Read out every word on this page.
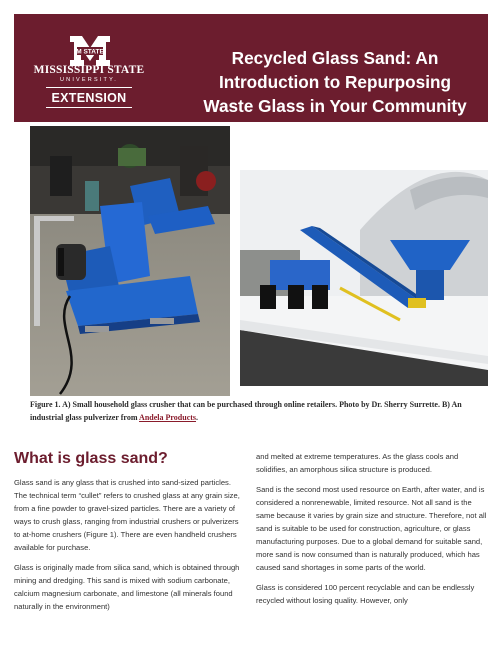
M STATE
MISSISSIPPI STATE
UNIVERSITY.
EXTENSION
Recycled Glass Sand: An
Introduction to Repurposing
Waste Glass in Your Community
Figure 1. A) Small household glass crusher that can be purchased through online retailers. Photo by Dr. Sherry Surrette. B) An industrial glass pulverizer from Andela Products.
What is glass sand?

Glass sand is any glass that is crushed into sand-sized particles. The technical term “cullet” refers to crushed glass at any grain size, from a fine powder to gravel-sized particles. There are a variety of ways to crush glass, ranging from industrial crushers or pulverizers to at-home crushers (Figure 1). There are even handheld crushers available for purchase.

Glass is originally made from silica sand, which is obtained through mining and dredging. This sand is mixed with sodium carbonate, calcium magnesium carbonate, and limestone (all minerals found naturally in the environment)

and melted at extreme temperatures. As the glass cools and solidifies, an amorphous silica structure is produced.

Sand is the second most used resource on Earth, after water, and is considered a nonrenewable, limited resource. Not all sand is the same because it varies by grain size and structure. Therefore, not all sand is suitable to be used for construction, agriculture, or glass manufacturing purposes. Due to a global demand for suitable sand, more sand is now consumed than is naturally produced, which has caused sand shortages in some parts of the world.

Glass is considered 100 percent recyclable and can be endlessly recycled without losing quality. However, only
